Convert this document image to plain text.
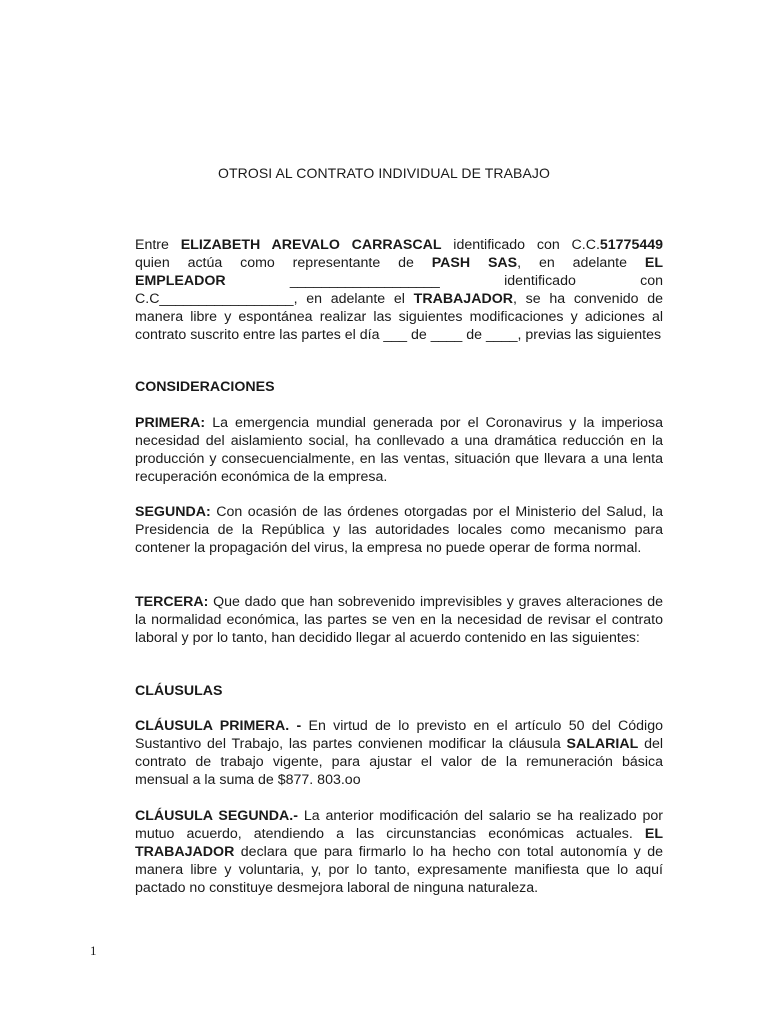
OTROSI AL CONTRATO INDIVIDUAL DE TRABAJO
Entre ELIZABETH AREVALO CARRASCAL identificado con C.C.51775449
quien actúa como representante de PASH SAS, en adelante EL
EMPLEADOR	___________________	identificado	con
C.C_________________, en adelante el TRABAJADOR, se ha convenido de
manera libre y espontánea realizar las siguientes modificaciones y adiciones al contrato suscrito entre las partes el día ___ de ____ de ____, previas las siguientes
CONSIDERACIONES
PRIMERA: La emergencia mundial generada por el Coronavirus y la imperiosa necesidad del aislamiento social, ha conllevado a una dramática reducción en la producción y consecuencialmente, en las ventas, situación que llevara a una lenta recuperación económica de la empresa.
SEGUNDA: Con ocasión de las órdenes otorgadas por el Ministerio del Salud, la Presidencia de la República y las autoridades locales como mecanismo para contener la propagación del virus, la empresa no puede operar de forma normal.
TERCERA: Que dado que han sobrevenido imprevisibles y graves alteraciones de la normalidad económica, las partes se ven en la necesidad de revisar el contrato laboral y por lo tanto, han decidido llegar al acuerdo contenido en las siguientes:
CLÁUSULAS
CLÁUSULA PRIMERA. - En virtud de lo previsto en el artículo 50 del Código Sustantivo del Trabajo, las partes convienen modificar la cláusula SALARIAL del contrato de trabajo vigente, para ajustar el valor de la remuneración básica mensual a la suma de $877. 803.oo
CLÁUSULA SEGUNDA.- La anterior modificación del salario se ha realizado por mutuo acuerdo, atendiendo a las circunstancias económicas actuales. EL TRABAJADOR declara que para firmarlo lo ha hecho con total autonomía y de manera libre y voluntaria, y, por lo tanto, expresamente manifiesta que lo aquí pactado no constituye desmejora laboral de ninguna naturaleza.
1
